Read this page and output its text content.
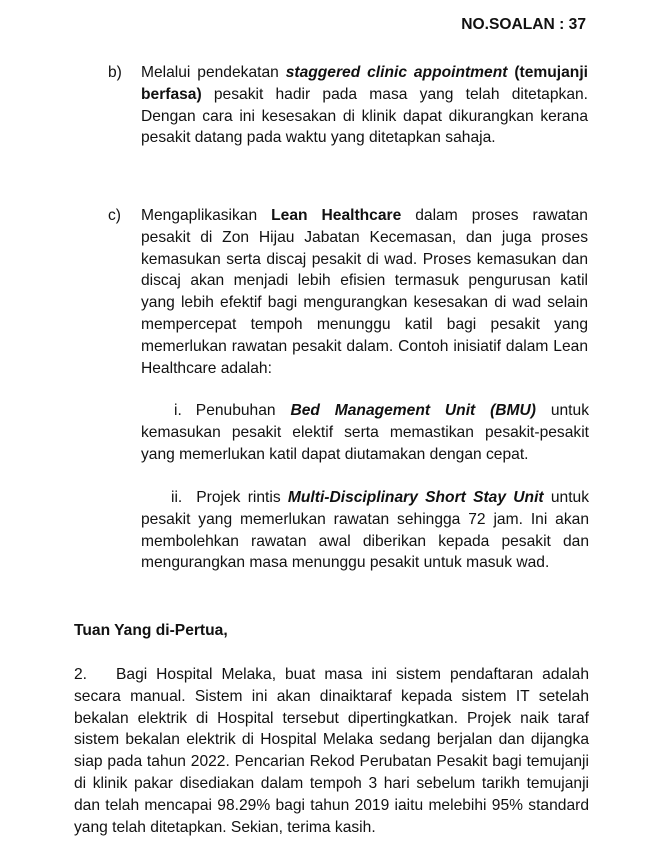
NO.SOALAN : 37
b) Melalui pendekatan staggered clinic appointment (temujanji berfasa) pesakit hadir pada masa yang telah ditetapkan. Dengan cara ini kesesakan di klinik dapat dikurangkan kerana pesakit datang pada waktu yang ditetapkan sahaja.
c) Mengaplikasikan Lean Healthcare dalam proses rawatan pesakit di Zon Hijau Jabatan Kecemasan, dan juga proses kemasukan serta discaj pesakit di wad. Proses kemasukan dan discaj akan menjadi lebih efisien termasuk pengurusan katil yang lebih efektif bagi mengurangkan kesesakan di wad selain mempercepat tempoh menunggu katil bagi pesakit yang memerlukan rawatan pesakit dalam. Contoh inisiatif dalam Lean Healthcare adalah:
i. Penubuhan Bed Management Unit (BMU) untuk kemasukan pesakit elektif serta memastikan pesakit-pesakit yang memerlukan katil dapat diutamakan dengan cepat.
ii. Projek rintis Multi-Disciplinary Short Stay Unit untuk pesakit yang memerlukan rawatan sehingga 72 jam. Ini akan membolehkan rawatan awal diberikan kepada pesakit dan mengurangkan masa menunggu pesakit untuk masuk wad.
Tuan Yang di-Pertua,
2. Bagi Hospital Melaka, buat masa ini sistem pendaftaran adalah secara manual. Sistem ini akan dinaiktaraf kepada sistem IT setelah bekalan elektrik di Hospital tersebut dipertingkatkan. Projek naik taraf sistem bekalan elektrik di Hospital Melaka sedang berjalan dan dijangka siap pada tahun 2022. Pencarian Rekod Perubatan Pesakit bagi temujanji di klinik pakar disediakan dalam tempoh 3 hari sebelum tarikh temujanji dan telah mencapai 98.29% bagi tahun 2019 iaitu melebihi 95% standard yang telah ditetapkan. Sekian, terima kasih.
